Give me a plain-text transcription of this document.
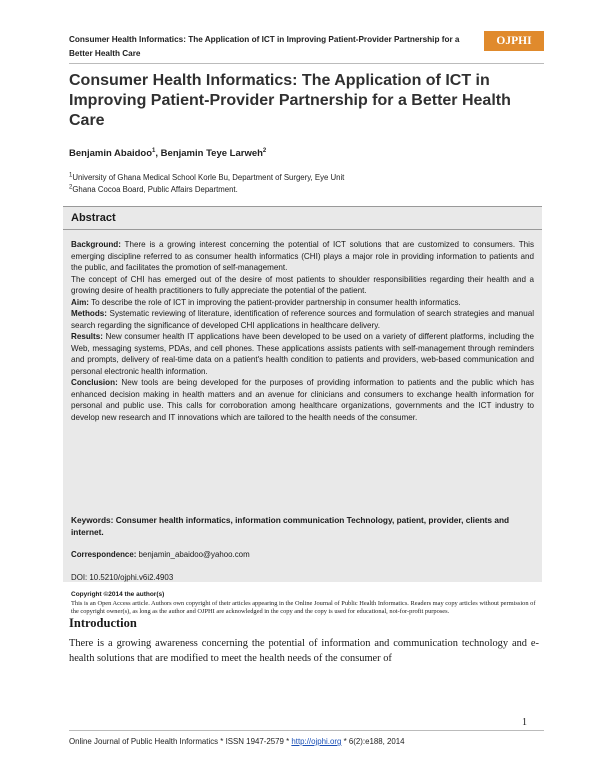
Consumer Health Informatics: The Application of ICT in Improving Patient-Provider Partnership for a Better Health Care
OJPHI
Consumer Health Informatics: The Application of ICT in Improving Patient-Provider Partnership for a Better Health Care
Benjamin Abaidoo$^1$, Benjamin Teye Larweh$^2$
$^1$University of Ghana Medical School Korle Bu, Department of Surgery, Eye Unit
$^2$Ghana Cocoa Board, Public Affairs Department.
Abstract

Background: There is a growing interest concerning the potential of ICT solutions that are customized to consumers. This emerging discipline referred to as consumer health informatics (CHI) plays a major role in providing information to patients and the public, and facilitates the promotion of self-management.

The concept of CHI has emerged out of the desire of most patients to shoulder responsibilities regarding their health and a growing desire of health practitioners to fully appreciate the potential of the patient.

Aim: To describe the role of ICT in improving the patient-provider partnership in consumer health informatics.

Methods: Systematic reviewing of literature, identification of reference sources and formulation of search strategies and manual search regarding the significance of developed CHI applications in healthcare delivery.

Results: New consumer health IT applications have been developed to be used on a variety of different platforms, including the Web, messaging systems, PDAs, and cell phones. These applications assists patients with self-management through reminders and prompts, delivery of real-time data on a patient's health condition to patients and providers, web-based communication and personal electronic health information.

Conclusion: New tools are being developed for the purposes of providing information to patients and the public which has enhanced decision making in health matters and an avenue for clinicians and consumers to exchange health information for personal and public use. This calls for corroboration among healthcare organizations, governments and the ICT industry to develop new research and IT innovations which are tailored to the health needs of the consumer.

Keywords: Consumer health informatics, information communication Technology, patient, provider, clients and internet.
Correspondence: benjamin_abaidoo@yahoo.com
DOI: 10.5210/ojphi.v6i2.4903
Copyright ©2014 the author(s)
This is an Open Access article. Authors own copyright of their articles appearing in the Online Journal of Public Health Informatics. Readers may copy articles without permission of the copyright owner(s), as long as the author and OJPHI are acknowledged in the copy and the copy is used for educational, not-for-profit purposes.
Introduction
There is a growing awareness concerning the potential of information and communication technology and e-health solutions that are modified to meet the health needs of the consumer of
1
Online Journal of Public Health Informatics * ISSN 1947-2579 * http://ojphi.org * 6(2):e188, 2014
